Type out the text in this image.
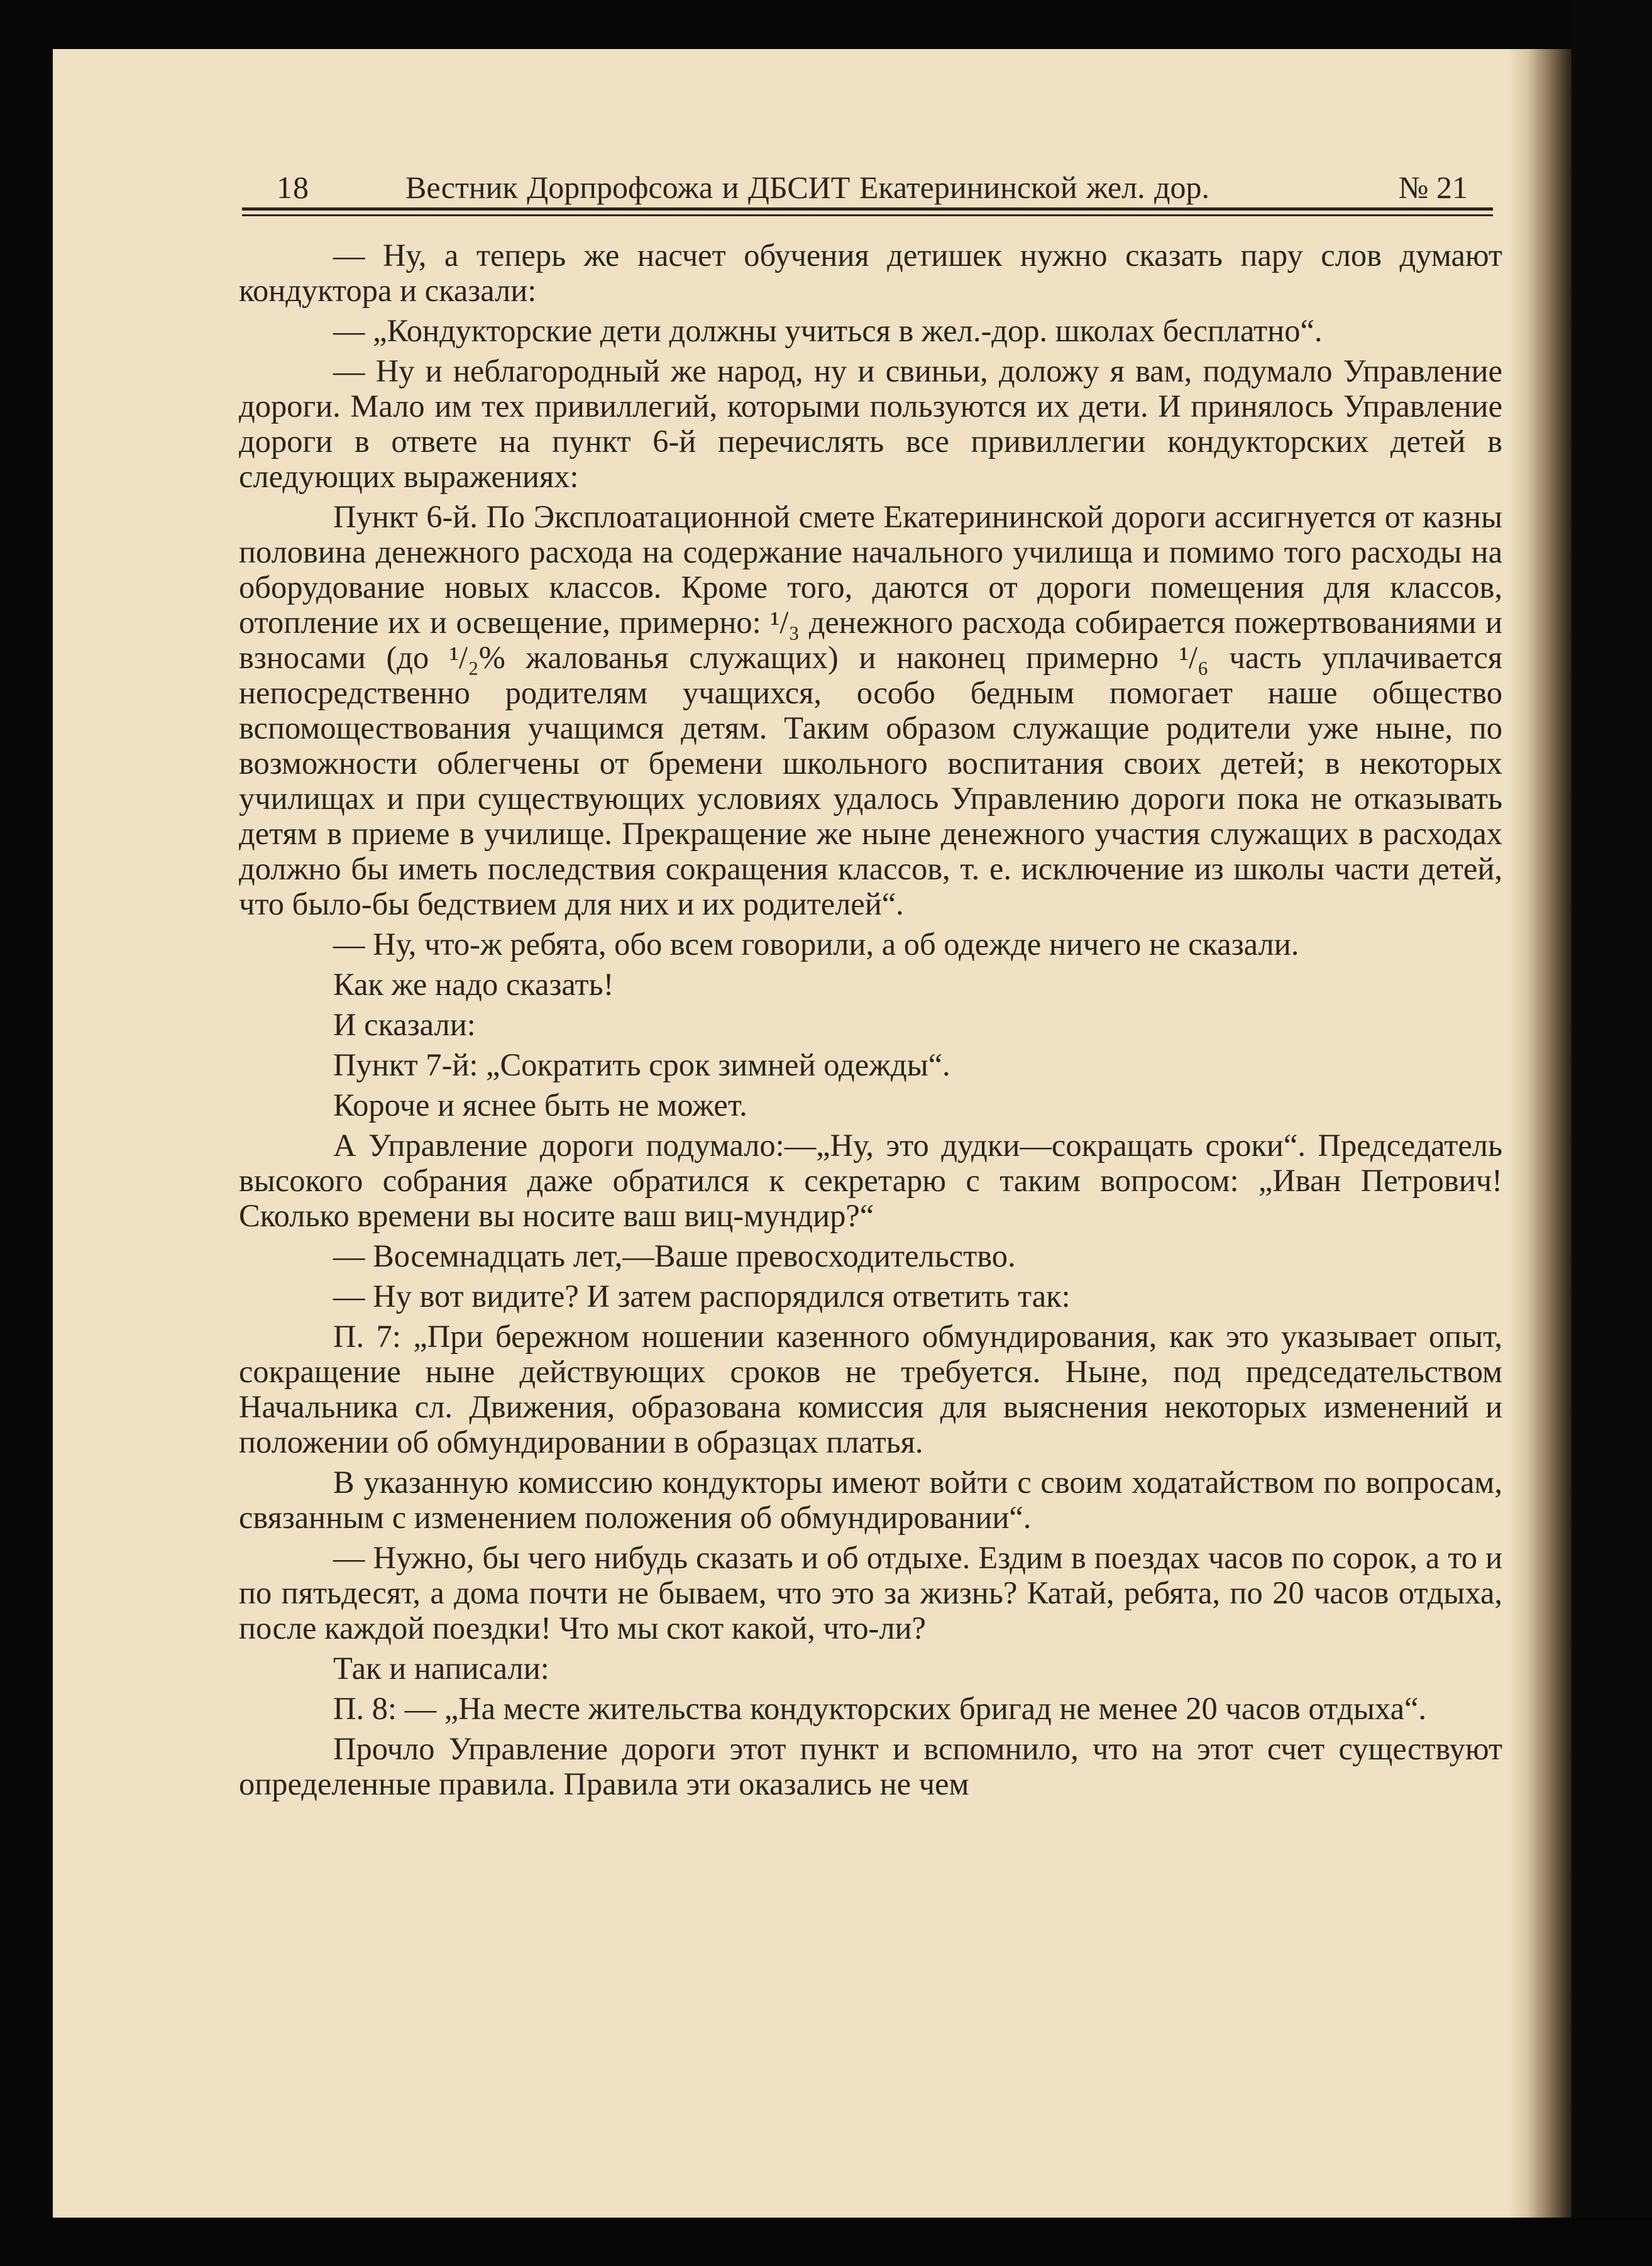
18	Вестник Дорпрофсожа и ДБСИТ Екатерининской жел. дор.	№ 21

— Ну, а теперь же насчет обучения детишек нужно сказать пару слов думают кондуктора и сказали:

— „Кондукторские дети должны учиться в жел.-дор. школах бесплатно“.

— Ну и неблагородный же народ, ну и свиньи, доложу я вам, подумало Управление дороги. Мало им тех привиллегий, которыми пользуются их дети. И принялось Управление дороги в ответе на пункт 6-й перечислять все привиллегии кондукторских детей в следующих выражениях:

Пункт 6-й. По Эксплоатационной смете Екатерининской дороги ассигнуется от казны половина денежного расхода на содержание начального училища и помимо того расходы на оборудование новых классов. Кроме того, даются от дороги помещения для классов, отопление их и освещение, примерно: ¹/₃ денежного расхода собирается пожертвованиями и взносами (до ¹/₂% жалованья служащих) и наконец примерно ¹/₆ часть уплачивается непосредственно родителям учащихся, особо бедным помогает наше общество вспомоществования учащимся детям. Таким образом служащие родители уже ныне, по возможности облегчены от бремени школьного воспитания своих детей; в некоторых училищах и при существующих условиях удалось Управлению дороги пока не отказывать детям в приеме в училище. Прекращение же ныне денежного участия служащих в расходах должно бы иметь последствия сокращения классов, т. е. исключение из школы части детей, что было-бы бедствием для них и их родителей“.

— Ну, что-ж ребята, обо всем говорили, а об одежде ничего не сказали.

Как же надо сказать!

И сказали:

Пункт 7-й: „Сократить срок зимней одежды“.

Короче и яснее быть не может.

А Управление дороги подумало:—„Ну, это дудки—сокращать сроки“. Председатель высокого собрания даже обратился к секретарю с таким вопросом: „Иван Петрович! Сколько времени вы носите ваш виц-мундир?“

— Восемнадцать лет,—Ваше превосходительство.

— Ну вот видите? И затем распорядился ответить так:

П. 7: „При бережном ношении казенного обмундирования, как это указывает опыт, сокращение ныне действующих сроков не требуется. Ныне, под председательством Начальника сл. Движения, образована комиссия для выяснения некоторых изменений и положении об обмундировании в образцах платья.

В указанную комиссию кондукторы имеют войти с своим ходатайством по вопросам, связанным с изменением положения об обмундировании“.

— Нужно, бы чего нибудь сказать и об отдыхе. Ездим в поездах часов по сорок, а то и по пятьдесят, а дома почти не бываем, что это за жизнь? Катай, ребята, по 20 часов отдыха, после каждой поездки! Что мы скот какой, что-ли?

Так и написали:

П. 8: — „На месте жительства кондукторских бригад не менее 20 часов отдыха“.

Прочло Управление дороги этот пункт и вспомнило, что на этот счет существуют определенные правила. Правила эти оказались не чем
